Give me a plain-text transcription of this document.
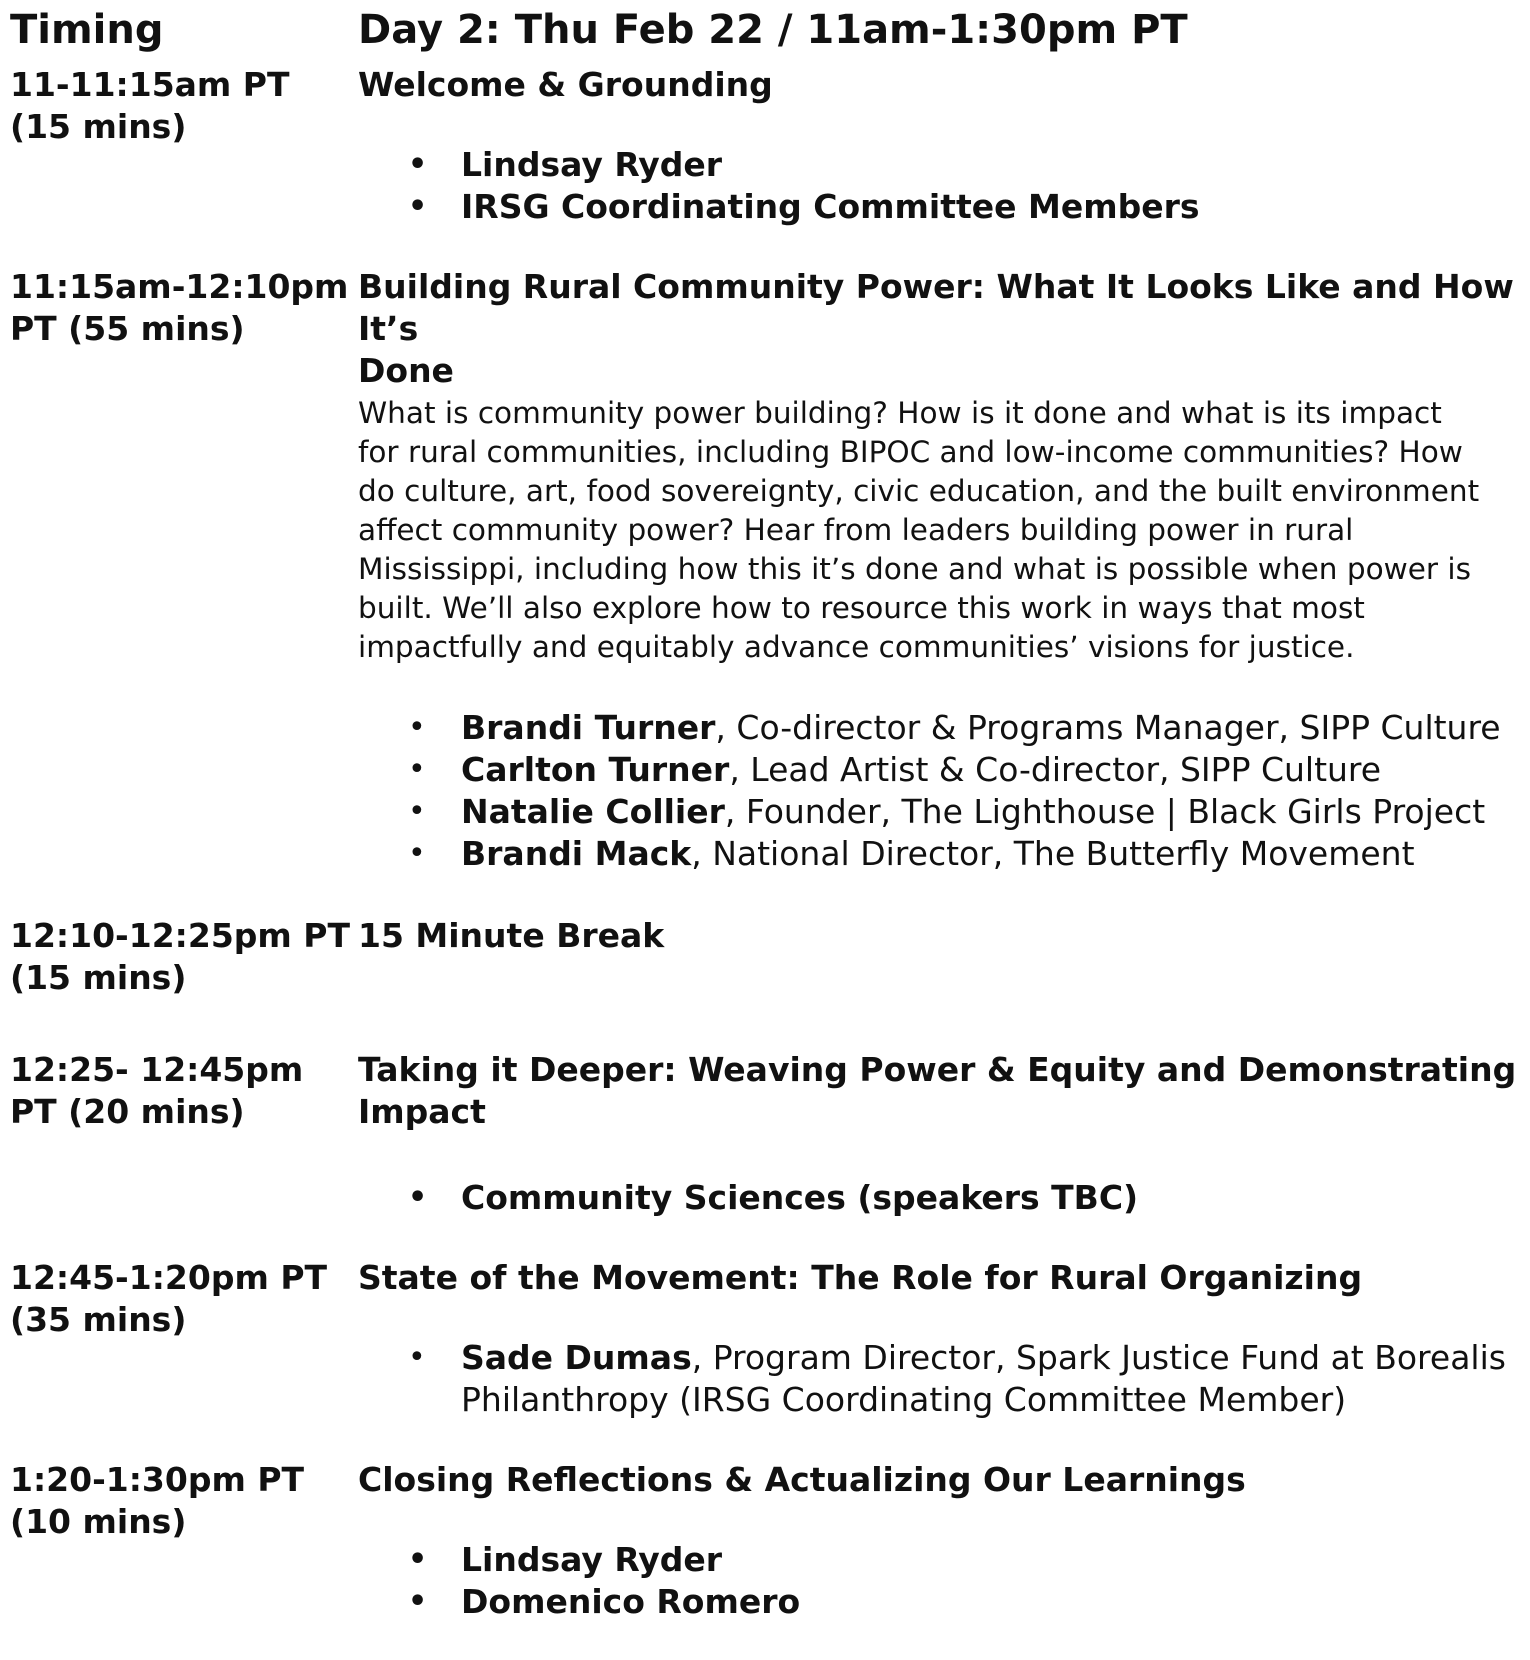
Timing	Day 2: Thu Feb 22 / 11am-1:30pm PT
11-11:15am PT
(15 mins)
Welcome & Grounding
• Lindsay Ryder
• IRSG Coordinating Committee Members
11:15am-12:10pm
PT (55 mins)
Building Rural Community Power: What It Looks Like and How It’s
Done
What is community power building? How is it done and what is its impact
for rural communities, including BIPOC and low-income communities? How
do culture, art, food sovereignty, civic education, and the built environment
affect community power? Hear from leaders building power in rural
Mississippi, including how this it’s done and what is possible when power is
built. We’ll also explore how to resource this work in ways that most
impactfully and equitably advance communities’ visions for justice.
• Brandi Turner, Co-director & Programs Manager, SIPP Culture
• Carlton Turner, Lead Artist & Co-director, SIPP Culture
• Natalie Collier, Founder, The Lighthouse | Black Girls Project
• Brandi Mack, National Director, The Butterfly Movement
12:10-12:25pm PT
(15 mins)
15 Minute Break
12:25- 12:45pm
PT (20 mins)
Taking it Deeper: Weaving Power & Equity and Demonstrating
Impact
• Community Sciences (speakers TBC)
12:45-1:20pm PT
(35 mins)
State of the Movement: The Role for Rural Organizing
• Sade Dumas, Program Director, Spark Justice Fund at Borealis
Philanthropy (IRSG Coordinating Committee Member)
1:20-1:30pm PT
(10 mins)
Closing Reflections & Actualizing Our Learnings
• Lindsay Ryder
• Domenico Romero
